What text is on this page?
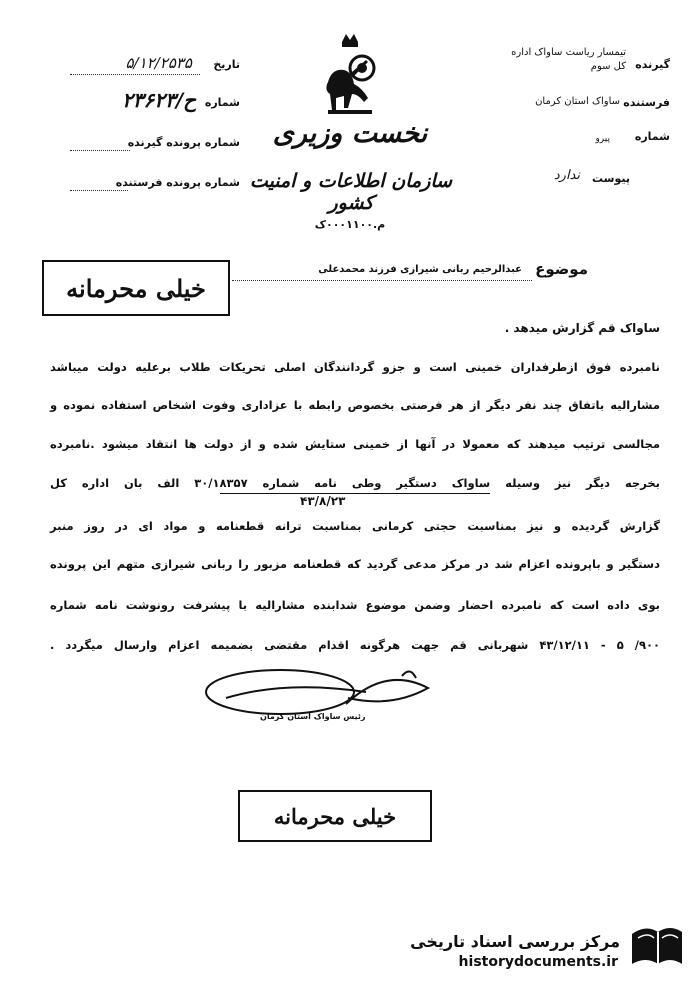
نخست وزیری
سازمان اطلاعات و امنیت کشور
م.۰۰۰۱۱۰۰ک
تاریخ
۵/۱۲/۲۵۳۵
شماره
۲۳۶۲۳/ح
شماره پرونده گیرنده
شماره پرونده فرستنده
گیرنده
تیمسار ریاست ساواک اداره کل سوم
فرستنده
ساواک استان کرمان
شماره
پیرو
پیوست
ندارد
موضوع
عبدالرحیم ربانی شیرازی فرزند محمدعلی
خیلی محرمانه
ساواک قم گزارش میدهد .
نامبرده فوق ازطرفداران خمینی است و جزو گردانندگان اصلی تحریکات طلاب برعلیه دولت میباشد
مشارالیه باتفاق چند نفر دیگر از هر فرصتی بخصوص رابطه با عزاداری وفوت اشخاص استفاده نموده و
مجالسی ترتیب میدهند که معمولا در آنها از خمینی ستایش شده و از دولت ها انتقاد میشود .نامبرده
بخرجه دیگر نیز وسیله ساواک دستگیر وطی نامه شماره ۳۰/۱۸۳۵۷ الف بان اداره کل
۴۳/۸/۲۳
گزارش گردیده و نیز بمناسبت حجتی کرمانی بمناسبت ترانه قطعنامه و مواد ای در روز منبر
دستگیر و باپرونده اعزام شد در مرکز مدعی گردید که قطعنامه مزبور را ربانی شیرازی متهم این پرونده
بوی داده است که نامبرده احضار وضمن موضوع شدابنده مشارالیه با پیشرفت رونوشت نامه شماره
۹۰۰/ ۵ - ۴۳/۱۲/۱۱ شهربانی قم جهت هرگونه اقدام مقتضی بضمیمه اعزام وارسال میگردد .
رئیس ساواک استان کرمان
خیلی محرمانه
مرکز بررسی اسناد تاریخی
historydocuments.ir
